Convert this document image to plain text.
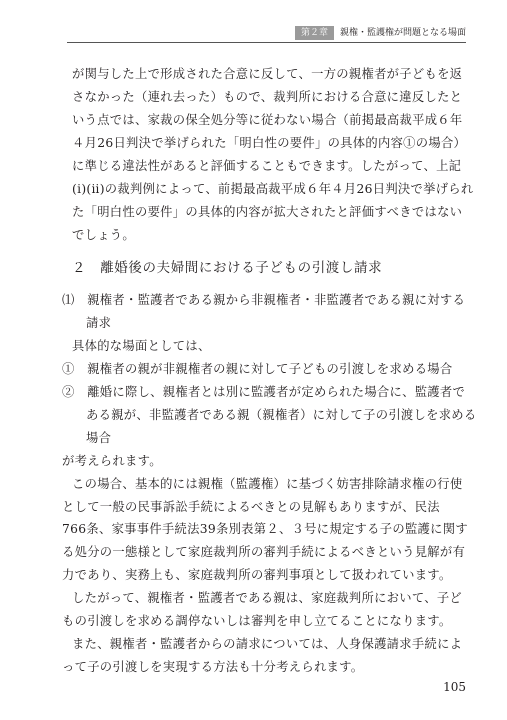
第２章	親権・監護権が問題となる場面
が関与した上で形成された合意に反して、一方の親権者が子どもを返
さなかった（連れ去った）もので、裁判所における合意に違反したと
いう点では、家裁の保全処分等に従わない場合（前掲最高裁平成６年
４月26日判決で挙げられた「明白性の要件」の具体的内容①の場合）
に準じる違法性があると評価することもできます。したがって、上記
(ⅰ)(ⅱ)の裁判例によって、前掲最高裁平成６年４月26日判決で挙げられ
た「明白性の要件」の具体的内容が拡大されたと評価すべきではない
でしょう。
２　離婚後の夫婦間における子どもの引渡し請求
⑴　親権者・監護者である親から非親権者・非監護者である親に対する
請求
具体的な場面としては、
①　親権者の親が非親権者の親に対して子どもの引渡しを求める場合
②　離婚に際し、親権者とは別に監護者が定められた場合に、監護者で
ある親が、非監護者である親（親権者）に対して子の引渡しを求める
場合
が考えられます。
この場合、基本的には親権（監護権）に基づく妨害排除請求権の行使
として一般の民事訴訟手続によるべきとの見解もありますが、民法
766条、家事事件手続法39条別表第２、３号に規定する子の監護に関す
る処分の一態様として家庭裁判所の審判手続によるべきという見解が有
力であり、実務上も、家庭裁判所の審判事項として扱われています。
したがって、親権者・監護者である親は、家庭裁判所において、子ど
もの引渡しを求める調停ないしは審判を申し立てることになります。
また、親権者・監護者からの請求については、人身保護請求手続によ
って子の引渡しを実現する方法も十分考えられます。
105
